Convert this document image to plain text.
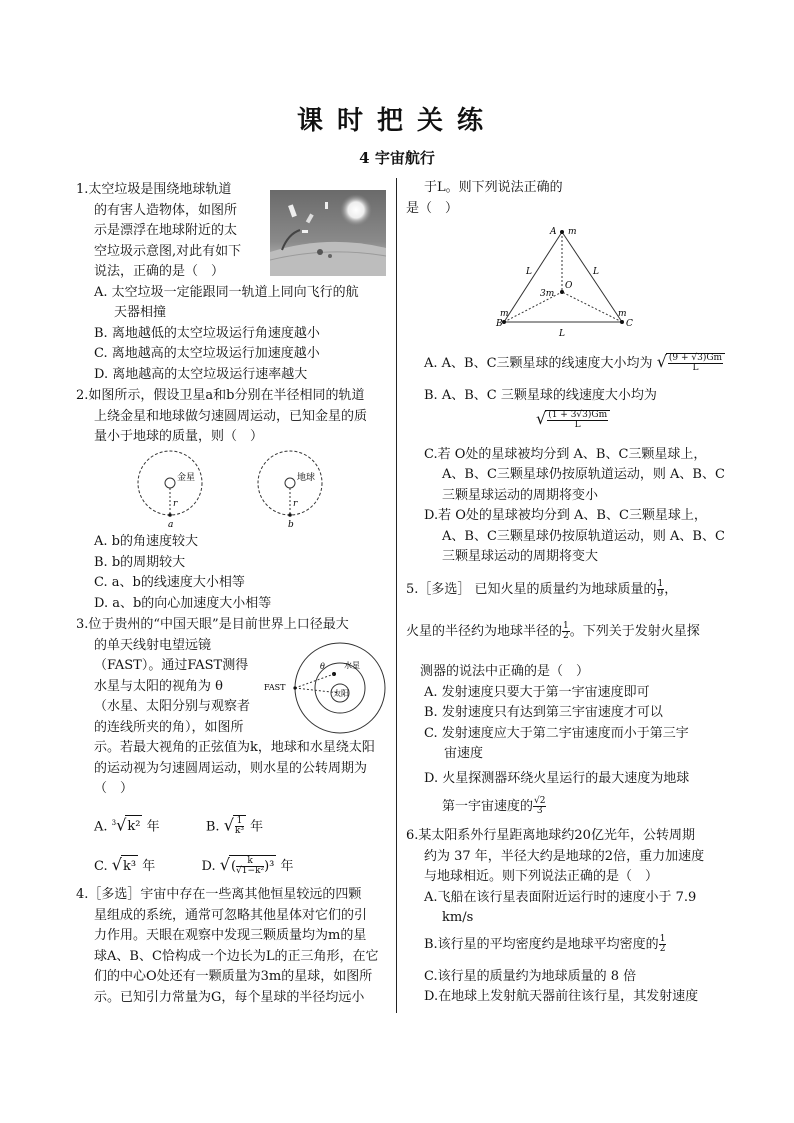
课时把关练
4 宇宙航行

1.太空垃圾是围绕地球轨道

的有害人造物体，如图所

示是漂浮在地球附近的太

空垃圾示意图,对此有如下

说法，正确的是（　）

A. 太空垃圾一定能跟同一轨道上同向飞行的航

天器相撞

B. 离地越低的太空垃圾运行角速度越小

C. 离地越高的太空垃圾运行加速度越小

D. 离地越高的太空垃圾运行速率越大

2.如图所示，假设卫星a和b分别在半径相同的轨道

上绕金星和地球做匀速圆周运动，已知金星的质

量小于地球的质量，则（　）

金星
r
a
地球
r
b

A. b的角速度较大

B. b的周期较大

C. a、b的线速度大小相等

D. a、b的向心加速度大小相等

3.位于贵州的“中国天眼”是目前世界上口径最大

的单天线射电望远镜

（FAST）。通过FAST测得

水星与太阳的视角为 θ

（水星、太阳分别与观察者

的连线所夹的角），如图所

示。若最大视角的正弦值为k，地球和水星绕太阳

的运动视为匀速圆周运动，则水星的公转周期为

（　）

FAST
θ 水星
太阳
A. $^3$√k² 年	B. √ $\frac{1}{\text{k³}}$ 年
C. √k³ 年	D. √( $\frac{k}{\text{√1−k²}} )^3$ 年

4.［多选］宇宙中存在一些离其他恒星较远的四颗

星组成的系统，通常可忽略其他星体对它们的引

力作用。天眼在观察中发现三颗质量均为m的星

球A、B、C恰构成一个边长为L的正三角形，在它

们的中心O处还有一颗质量为3m的星球，如图所

示。已知引力常量为G，每个星球的半径均远小

于L。则下列说法正确的

是（　）

A m
B
m
C
m
O
3m
L	L
L
A. A、B、C三颗星球的线速度大小均为 √ $\frac{(9 + √3)Gm}{L}$
B. A、B、C 三颗星球的线速度大小均为
√ $\frac{(1 + 3√3)Gm}{L}$

C.若 O处的星球被均分到 A、B、C三颗星球上，

A、B、C三颗星球仍按原轨道运动，则 A、B、C

三颗星球运动的周期将变小

D.若 O处的星球被均分到 A、B、C三颗星球上，

A、B、C三颗星球仍按原轨道运动，则 A、B、C

三颗星球运动的周期将变大

5.［多选］ 已知火星的质量约为地球质量的 $\frac{1}{9}$ ，
火星的半径约为地球半径的 $\frac{1}{2}$ 。下列关于发射火星探

测器的说法中正确的是（　）

A. 发射速度只要大于第一宇宙速度即可

B. 发射速度只有达到第三宇宙速度才可以

C. 发射速度应大于第二宇宙速度而小于第三宇

宙速度

D. 火星探测器环绕火星运行的最大速度为地球

第一宇宙速度的 $\frac{√2}{3}$

6.某太阳系外行星距离地球约20亿光年，公转周期

约为 37 年，半径大约是地球的2倍，重力加速度

与地球相近。则下列说法正确的是（　）

A.飞船在该行星表面附近运行时的速度小于 7.9

km/s

B.该行星的平均密度约是地球平均密度的 $\frac{1}{2}$

C.该行星的质量约为地球质量的 8 倍

D.在地球上发射航天器前往该行星，其发射速度
